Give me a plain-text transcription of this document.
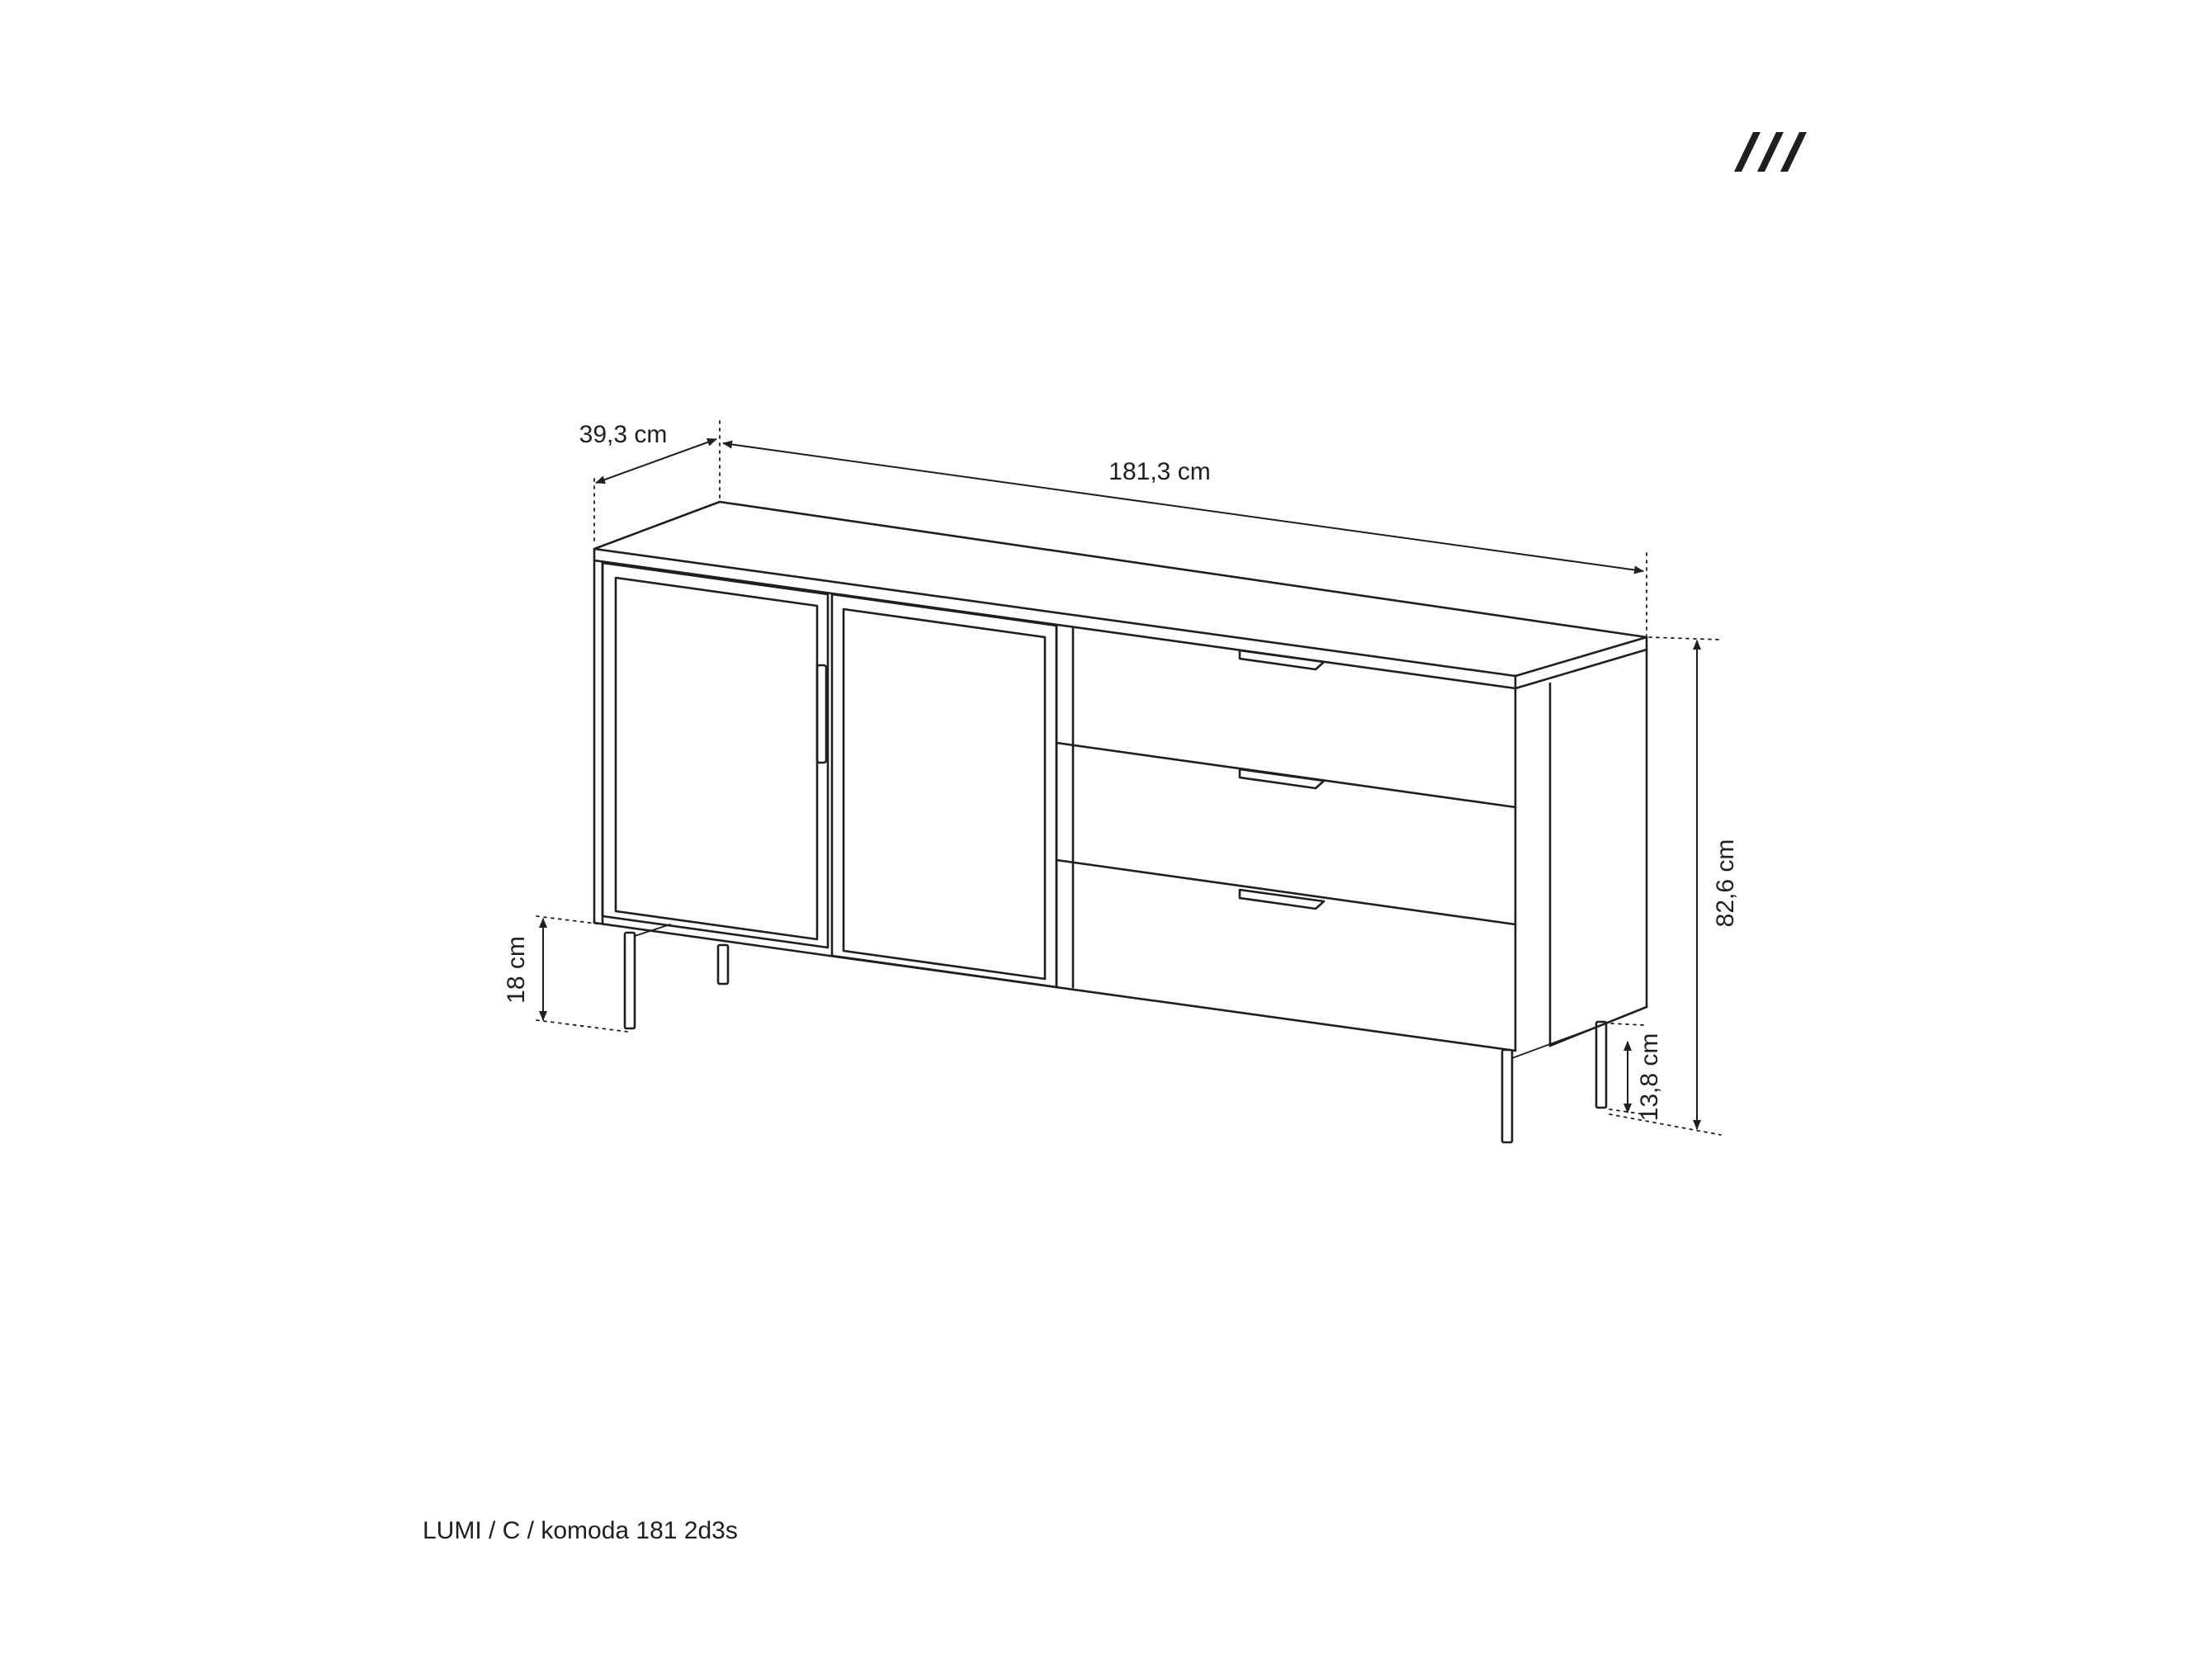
39,3 cm
181,3 cm
82,6 cm
18 cm
13,8 cm
LUMI / C / komoda 181 2d3s
